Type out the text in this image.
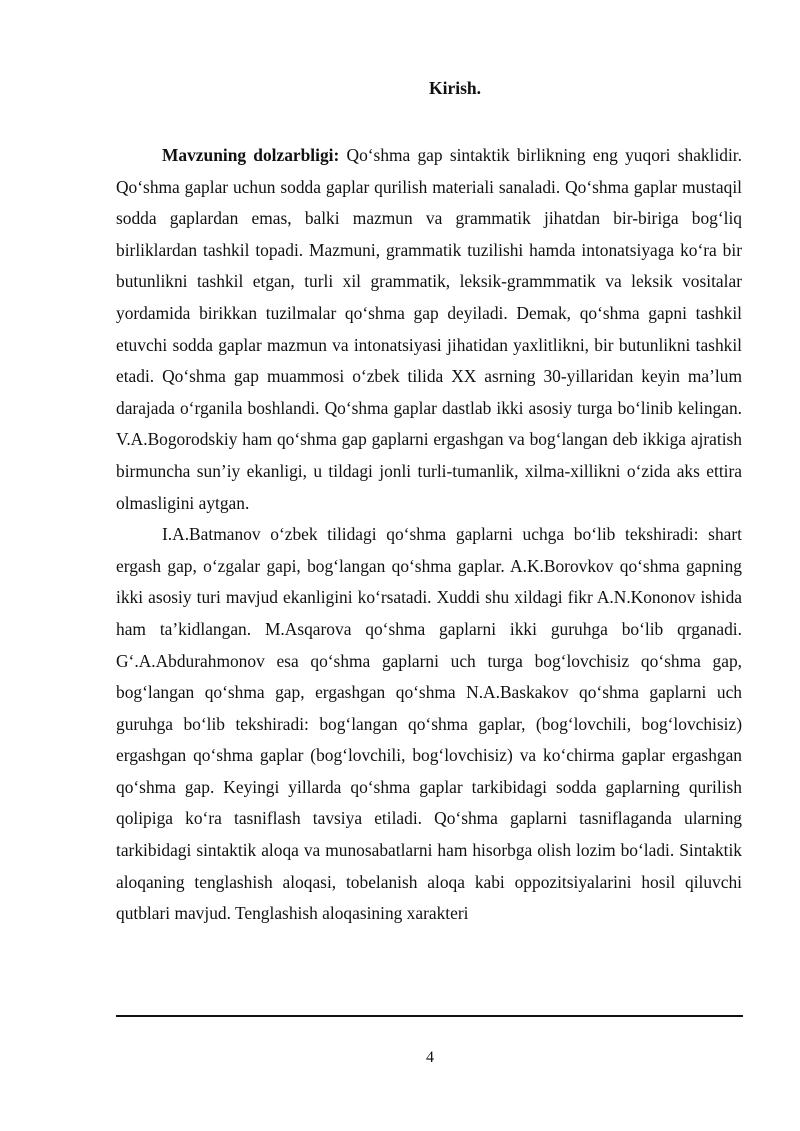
Kirish.

Mavzuning dolzarbligi: Qo‘shma gap sintaktik birlikning eng yuqori shaklidir. Qo‘shma gaplar uchun sodda gaplar qurilish materiali sanaladi. Qo‘shma gaplar mustaqil sodda gaplardan emas, balki mazmun va grammatik jihatdan bir-biriga bog‘liq birliklardan tashkil topadi. Mazmuni, grammatik tuzilishi hamda intonatsiyaga ko‘ra bir butunlikni tashkil etgan, turli xil grammatik, leksik-grammmatik va leksik vositalar yordamida birikkan tuzilmalar qo‘shma gap deyiladi. Demak, qo‘shma gapni tashkil etuvchi sodda gaplar mazmun va intonatsiyasi jihatidan yaxlitlikni, bir butunlikni tashkil etadi. Qo‘shma gap muammosi o‘zbek tilida XX asrning 30-yillaridan keyin ma’lum darajada o‘rganila boshlandi. Qo‘shma gaplar dastlab ikki asosiy turga bo‘linib kelingan. V.A.Bogorodskiy ham qo‘shma gap gaplarni ergashgan va bog‘langan deb ikkiga ajratish birmuncha sun’iy ekanligi, u tildagi jonli turli-tumanlik, xilma-xillikni o‘zida aks ettira olmasligini aytgan.

I.A.Batmanov o‘zbek tilidagi qo‘shma gaplarni uchga bo‘lib tekshiradi: shart ergash gap, o‘zgalar gapi, bog‘langan qo‘shma gaplar. A.K.Borovkov qo‘shma gapning ikki asosiy turi mavjud ekanligini ko‘rsatadi. Xuddi shu xildagi fikr A.N.Kononov ishida ham ta’kidlangan. M.Asqarova qo‘shma gaplarni ikki guruhga bo‘lib qrganadi. G‘.A.Abdurahmonov esa qo‘shma gaplarni uch turga bog‘lovchisiz qo‘shma gap, bog‘langan qo‘shma gap, ergashgan qo‘shma N.A.Baskakov qo‘shma gaplarni uch guruhga bo‘lib tekshiradi: bog‘langan qo‘shma gaplar, (bog‘lovchili, bog‘lovchisiz) ergashgan qo‘shma gaplar (bog‘lovchili, bog‘lovchisiz) va ko‘chirma gaplar ergashgan qo‘shma gap. Keyingi yillarda qo‘shma gaplar tarkibidagi sodda gaplarning qurilish qolipiga ko‘ra tasniflash tavsiya etiladi. Qo‘shma gaplarni tasniflaganda ularning tarkibidagi sintaktik aloqa va munosabatlarni ham hisorbga olish lozim bo‘ladi. Sintaktik aloqaning tenglashish aloqasi, tobelanish aloqa kabi oppozitsiyalarini hosil qiluvchi qutblari mavjud. Tenglashish aloqasining xarakteri

4
